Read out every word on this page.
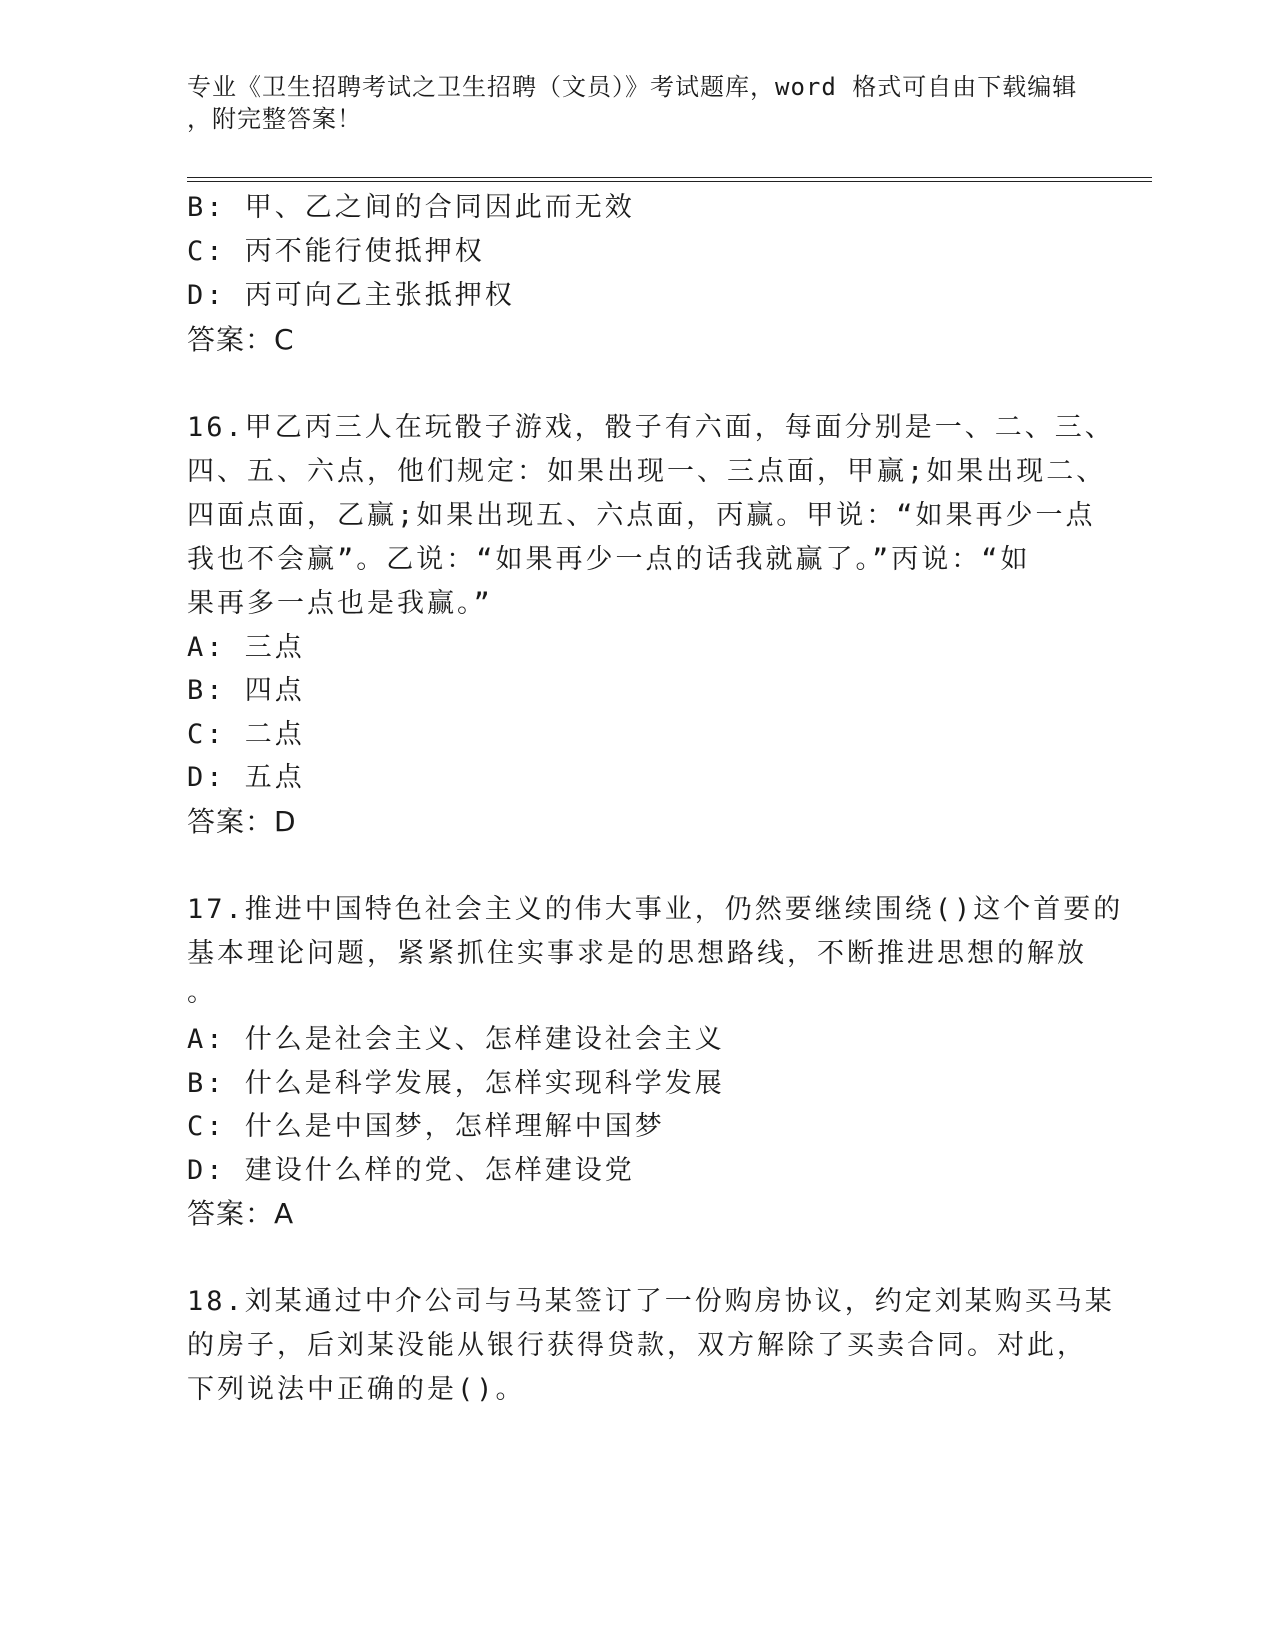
专业《卫生招聘考试之卫生招聘（文员）》考试题库，word 格式可自由下载编辑
，附完整答案！
B: 甲、乙之间的合同因此而无效
C: 丙不能行使抵押权
D: 丙可向乙主张抵押权
答案：C
16.甲乙丙三人在玩骰子游戏，骰子有六面，每面分别是一、二、三、
四、五、六点，他们规定：如果出现一、三点面，甲赢;如果出现二、
四面点面，乙赢;如果出现五、六点面，丙赢。甲说：“如果再少一点
我也不会赢”。乙说：“如果再少一点的话我就赢了。”丙说：“如
果再多一点也是我赢。”
A: 三点
B: 四点
C: 二点
D: 五点
答案：D
17.推进中国特色社会主义的伟大事业，仍然要继续围绕()这个首要的
基本理论问题，紧紧抓住实事求是的思想路线，不断推进思想的解放
。
A: 什么是社会主义、怎样建设社会主义
B: 什么是科学发展，怎样实现科学发展
C: 什么是中国梦，怎样理解中国梦
D: 建设什么样的党、怎样建设党
答案：A
18.刘某通过中介公司与马某签订了一份购房协议，约定刘某购买马某
的房子，后刘某没能从银行获得贷款，双方解除了买卖合同。对此，
下列说法中正确的是()。
